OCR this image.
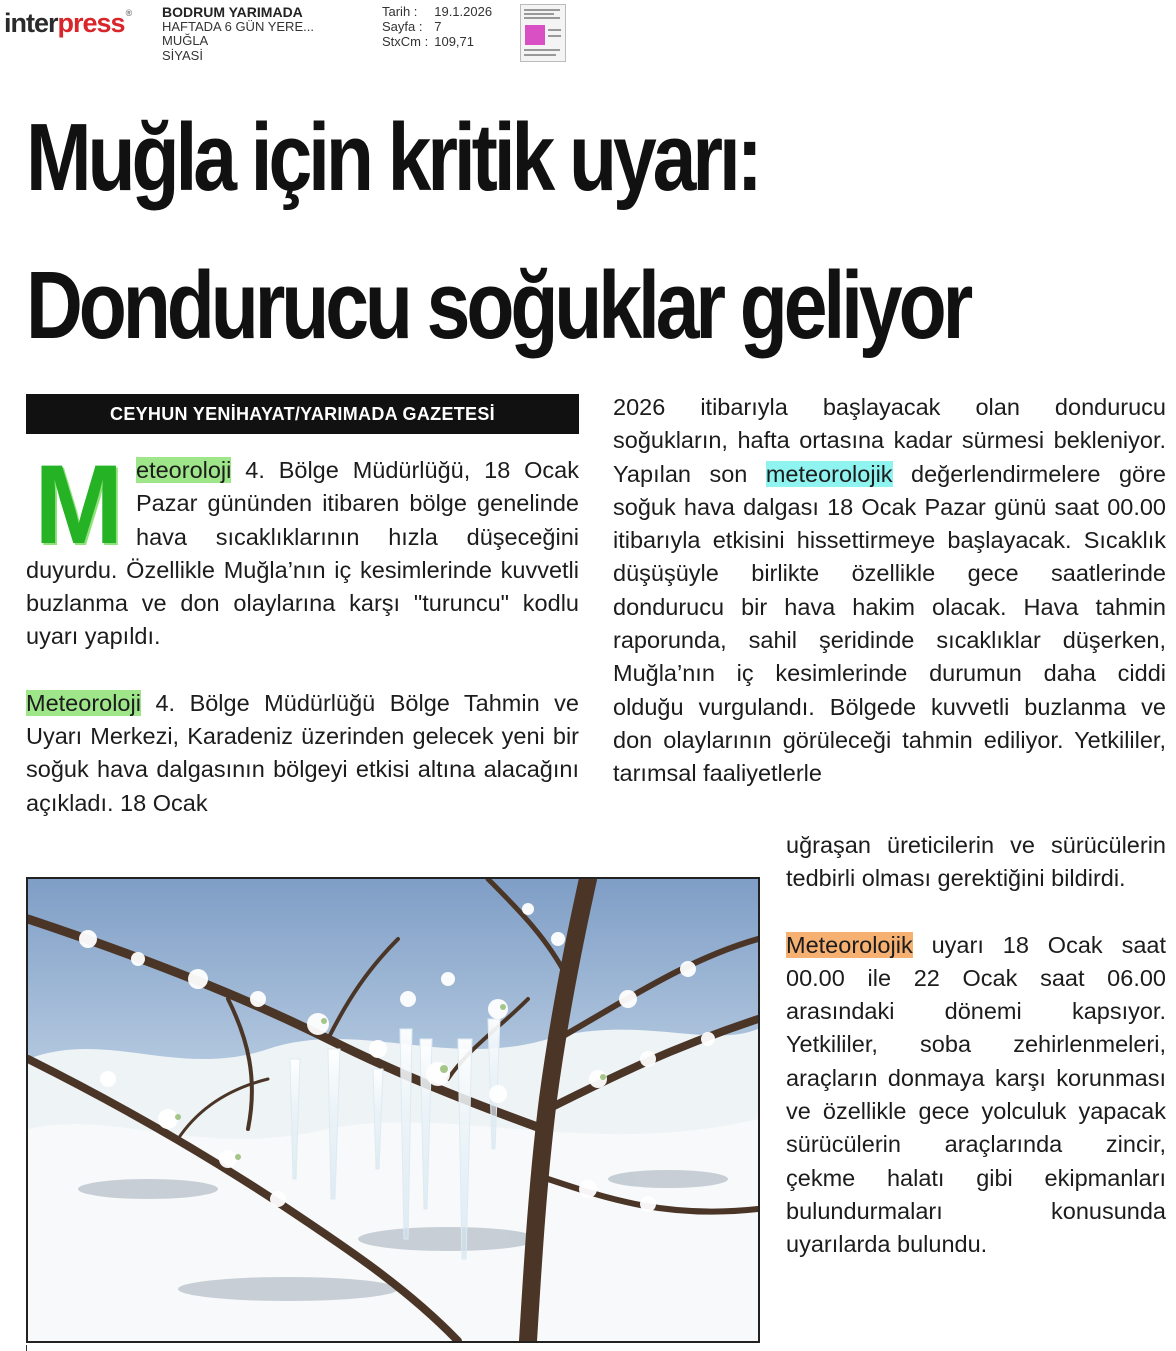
interpress® BODRUM YARIMADA
HAFTADA 6 GÜN YERE...
MUĞLA
SİYASİ
Tarih :	19.1.2026
Sayfa :	7
StxCm :	109,71
Muğla için kritik uyarı:
Dondurucu soğuklar geliyor
CEYHUN YENİHAYAT/YARIMADA GAZETESİ

Meteoroloji 4. Bölge Müdürlüğü, 18 Ocak Pazar gününden itibaren bölge genelinde hava sıcaklıklarının hızla düşeceğini duyurdu. Özellikle Muğla’nın iç kesimlerinde kuvvetli buzlanma ve don olaylarına karşı "turuncu" kodlu uyarı yapıldı.

Meteoroloji 4. Bölge Müdürlüğü Bölge Tahmin ve Uyarı Merkezi, Karadeniz üzerinden gelecek yeni bir soğuk hava dalgasının bölgeyi etkisi altına alacağını açıkladı. 18 Ocak

2026 itibarıyla başlayacak olan dondurucu soğukların, hafta ortasına kadar sürmesi bekleniyor. Yapılan son meteorolojik değerlendirmelere göre soğuk hava dalgası 18 Ocak Pazar günü saat 00.00 itibarıyla etkisini hissettirmeye başlayacak. Sıcaklık düşüşüyle birlikte özellikle gece saatlerinde dondurucu bir hava hakim olacak. Hava tahmin raporunda, sahil şeridinde sıcaklıklar düşerken, Muğla’nın iç kesimlerinde durumun daha ciddi olduğu vurgulandı. Bölgede kuvvetli buzlanma ve don olaylarının görüleceği tahmin ediliyor. Yetkililer, tarımsal faaliyetlerle

uğraşan üreticilerin ve sürücülerin tedbirli olması gerektiğini bildirdi.

Meteorolojik uyarı 18 Ocak saat 00.00 ile 22 Ocak saat 06.00 arasındaki dönemi kapsıyor. Yetkililer, soba zehirlenmeleri, araçların donmaya karşı korunması ve özellikle gece yolculuk yapacak sürücülerin araçlarında zincir, çekme halatı gibi ekipmanları bulundurmaları konusunda uyarılarda bulundu.
